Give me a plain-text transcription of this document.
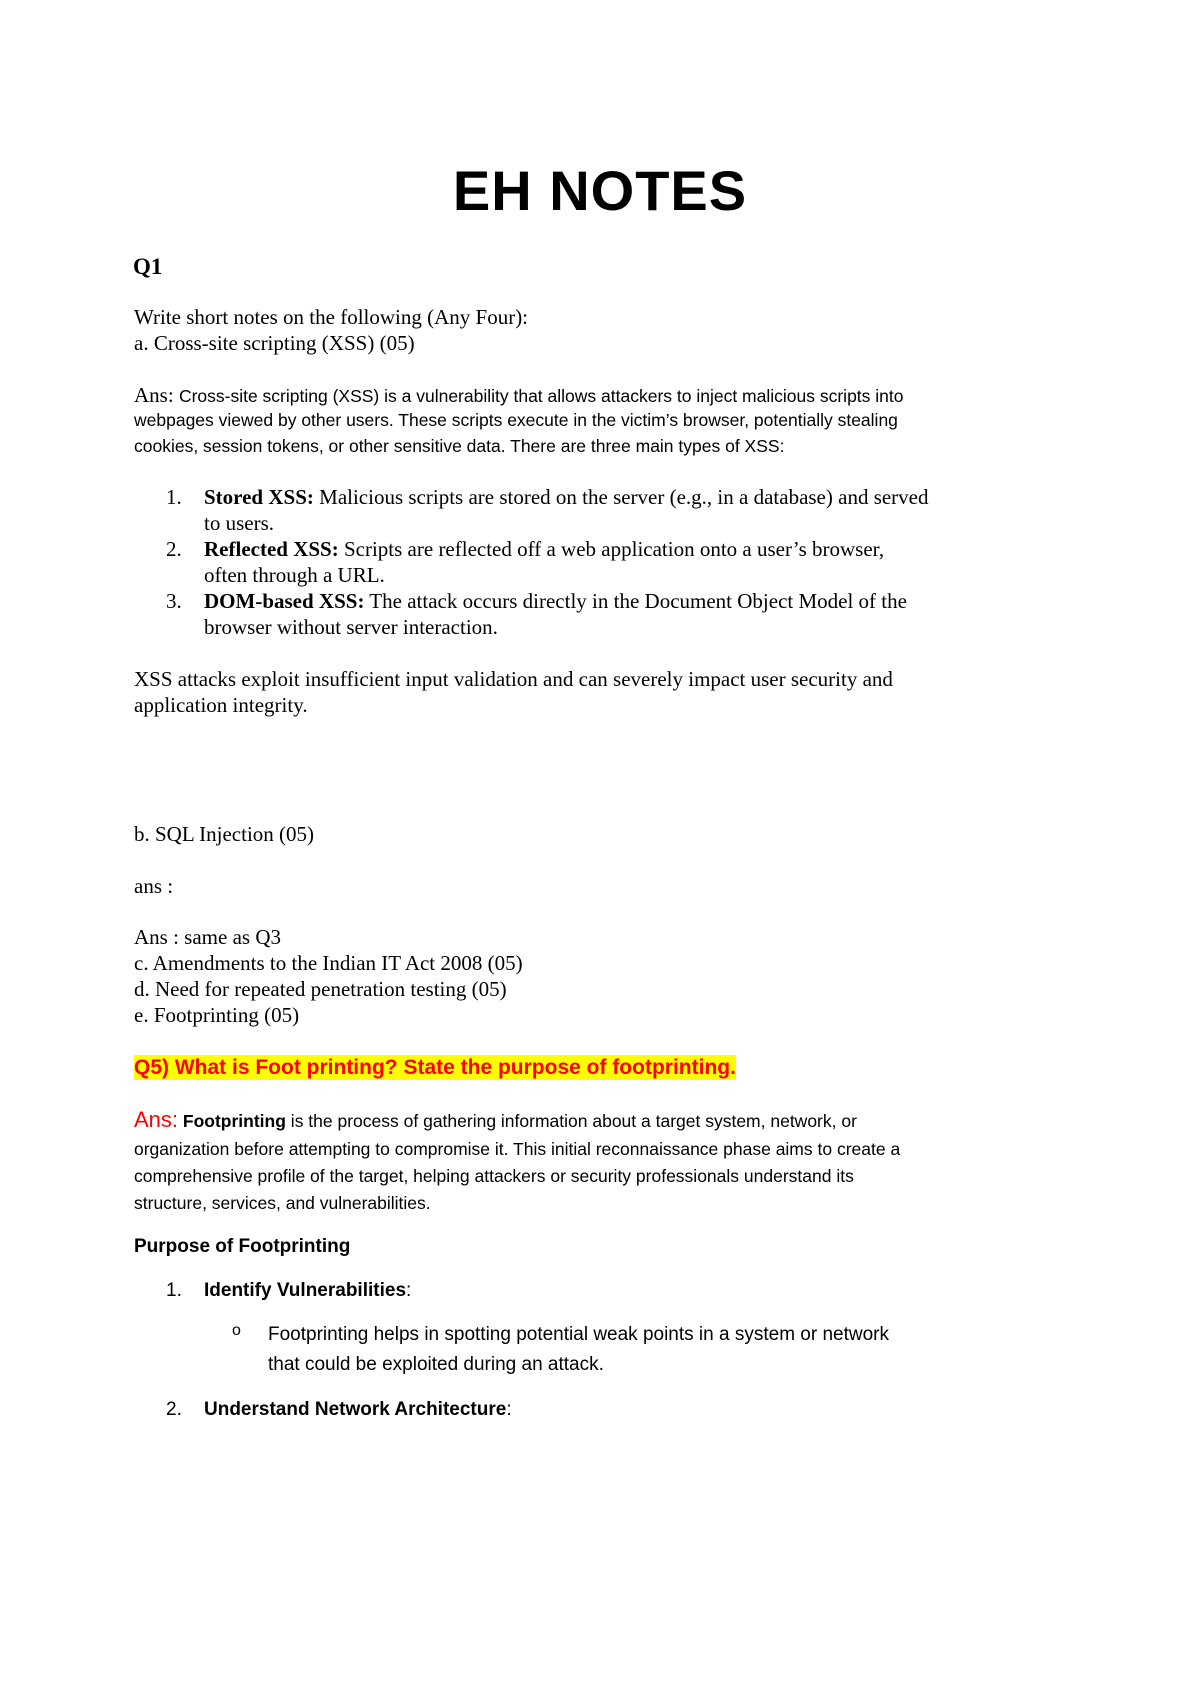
EH NOTES
Q1
Write short notes on the following (Any Four):
a. Cross-site scripting (XSS) (05)
Ans: Cross-site scripting (XSS) is a vulnerability that allows attackers to inject malicious scripts into
webpages viewed by other users. These scripts execute in the victim’s browser, potentially stealing
cookies, session tokens, or other sensitive data. There are three main types of XSS:
1. Stored XSS: Malicious scripts are stored on the server (e.g., in a database) and served
to users.
2. Reflected XSS: Scripts are reflected off a web application onto a user’s browser,
often through a URL.
3. DOM-based XSS: The attack occurs directly in the Document Object Model of the
browser without server interaction.
XSS attacks exploit insufficient input validation and can severely impact user security and
application integrity.
b. SQL Injection (05)
ans :
Ans : same as Q3
c. Amendments to the Indian IT Act 2008 (05)
d. Need for repeated penetration testing (05)
e. Footprinting (05)
Q5) What is Foot printing? State the purpose of footprinting.
Ans: Footprinting is the process of gathering information about a target system, network, or
organization before attempting to compromise it. This initial reconnaissance phase aims to create a
comprehensive profile of the target, helping attackers or security professionals understand its
structure, services, and vulnerabilities.
Purpose of Footprinting
1. Identify Vulnerabilities:
o Footprinting helps in spotting potential weak points in a system or network
that could be exploited during an attack.
2. Understand Network Architecture:
